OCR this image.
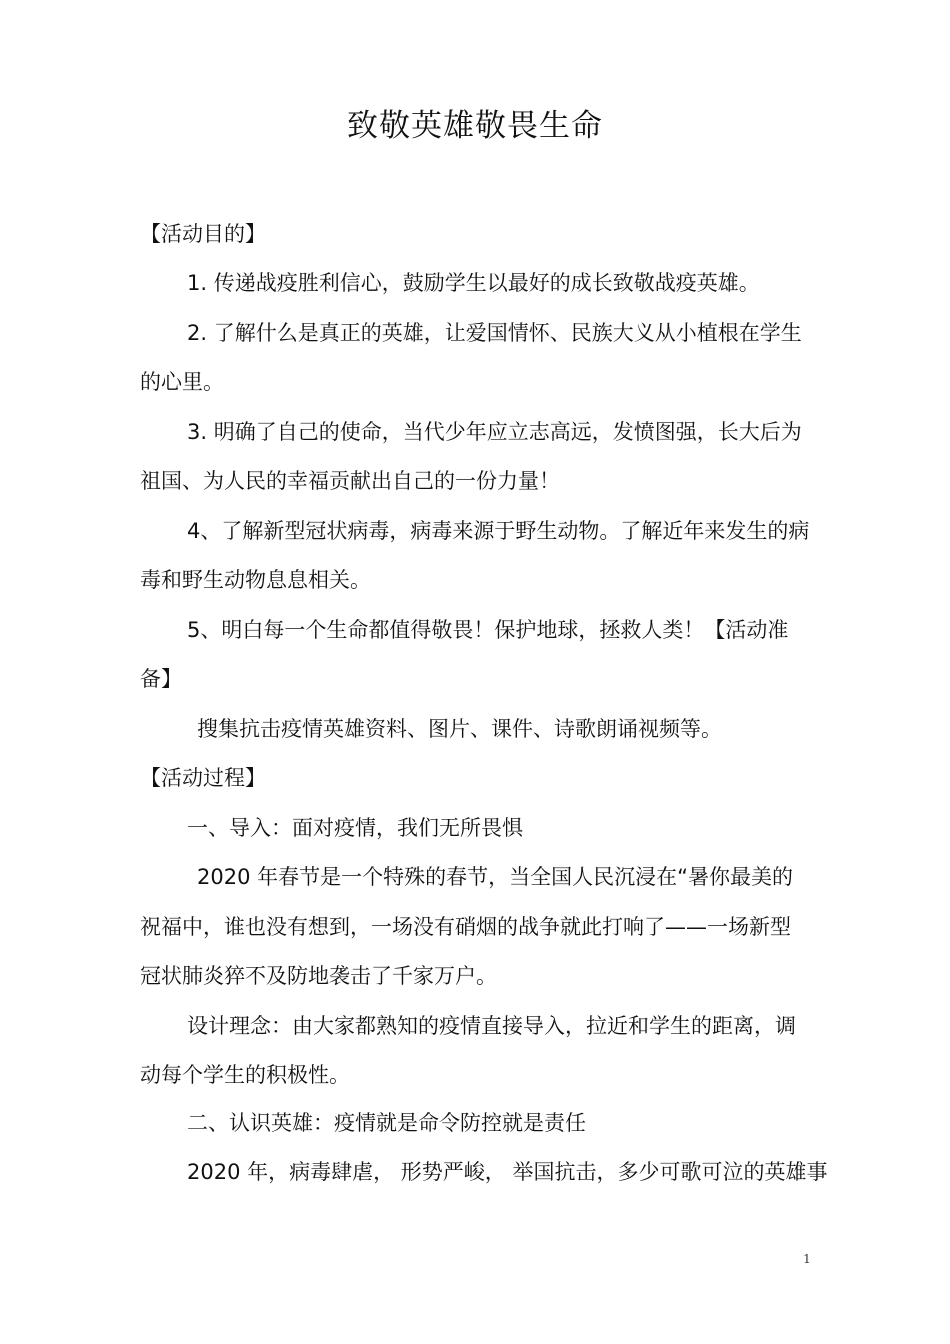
致敬英雄敬畏生命
【活动目的】
1. 传递战疫胜利信心，鼓励学生以最好的成长致敬战疫英雄。
2. 了解什么是真正的英雄，让爱国情怀、民族大义从小植根在学生
的心里。
3. 明确了自己的使命，当代少年应立志高远，发愤图强，长大后为
祖国、为人民的幸福贡献出自己的一份力量！
4、了解新型冠状病毒，病毒来源于野生动物。了解近年来发生的病
毒和野生动物息息相关。
5、明白每一个生命都值得敬畏！保护地球，拯救人类！【活动准
备】
搜集抗击疫情英雄资料、图片、课件、诗歌朗诵视频等。
【活动过程】
一、导入：面对疫情，我们无所畏惧
2020 年春节是一个特殊的春节，当全国人民沉浸在“暑你最美的
祝福中，谁也没有想到，一场没有硝烟的战争就此打响了——一场新型
冠状肺炎猝不及防地袭击了千家万户。
设计理念：由大家都熟知的疫情直接导入，拉近和学生的距离，调
动每个学生的积极性。
二、认识英雄：疫情就是命令防控就是责任
2020 年，病毒肆虐， 形势严峻， 举国抗击，多少可歌可泣的英雄事
1
